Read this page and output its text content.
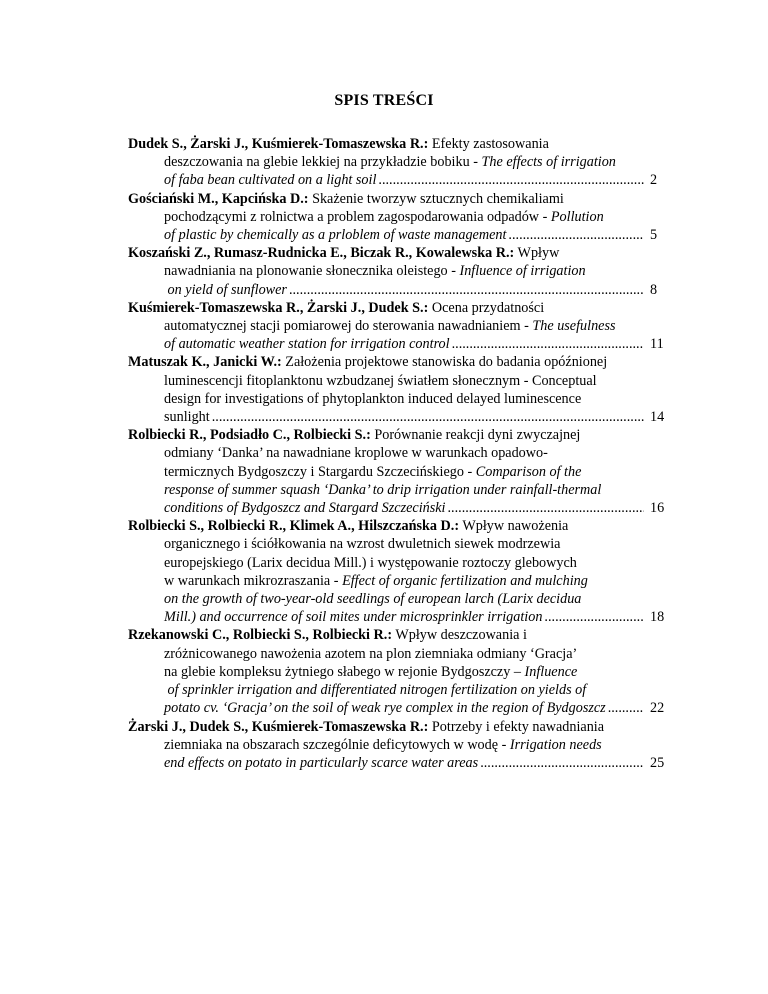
SPIS TREŚCI
Dudek S., Żarski J., Kuśmierek-Tomaszewska R.: Efekty zastosowania
deszczowania na glebie lekkiej na przykładzie bobiku - The effects of irrigation
of faba bean cultivated on a light soil .....	2
Gościański M., Kapcińska D.: Skażenie tworzyw sztucznych chemikaliami
pochodzącymi z rolnictwa a problem zagospodarowania odpadów - Pollution
of plastic by chemically as a prloblem of waste management .....	5
Koszański Z., Rumasz-Rudnicka E., Biczak R., Kowalewska R.: Wpływ
nawadniania na plonowanie słonecznika oleistego - Influence of irrigation
on yield of sunflower .....	8
Kuśmierek-Tomaszewska R., Żarski J., Dudek S.: Ocena przydatności
automatycznej stacji pomiarowej do sterowania nawadnianiem - The usefulness
of automatic weather station for irrigation control .....	11
Matuszak K., Janicki W.: Założenia projektowe stanowiska do badania opóźnionej
luminescencji fitoplanktonu wzbudzanej światłem słonecznym - Conceptual
design for investigations of phytoplankton induced delayed luminescence
sunlight .....	14
Rolbiecki R., Podsiadło C., Rolbiecki S.: Porównanie reakcji dyni zwyczajnej
odmiany ‘Danka’ na nawadniane kroplowe w warunkach opadowo-
termicznych Bydgoszczy i Stargardu Szczecińskiego - Comparison of the
response of summer squash ‘Danka’ to drip irrigation under rainfall-thermal
conditions of Bydgoszcz and Stargard Szczeciński .....	16
Rolbiecki S., Rolbiecki R., Klimek A., Hilszczańska D.: Wpływ nawożenia
organicznego i ściółkowania na wzrost dwuletnich siewek modrzewia
europejskiego (Larix decidua Mill.) i występowanie roztoczy glebowych
w warunkach mikrozraszania - Effect of organic fertilization and mulching
on the growth of two-year-old seedlings of european larch (Larix decidua
Mill.) and occurrence of soil mites under microsprinkler irrigation .....	18
Rzekanowski C., Rolbiecki S., Rolbiecki R.: Wpływ deszczowania i
zróżnicowanego nawożenia azotem na plon ziemniaka odmiany ‘Gracja’
na glebie kompleksu żytniego słabego w rejonie Bydgoszczy – Influence
of sprinkler irrigation and differentiated nitrogen fertilization on yields of
potato cv. ‘Gracja’ on the soil of weak rye complex in the region of Bydgoszcz .....	22
Żarski J., Dudek S., Kuśmierek-Tomaszewska R.: Potrzeby i efekty nawadniania
ziemniaka na obszarach szczególnie deficytowych w wodę - Irrigation needs
end effects on potato in particularly scarce water areas .....	25
